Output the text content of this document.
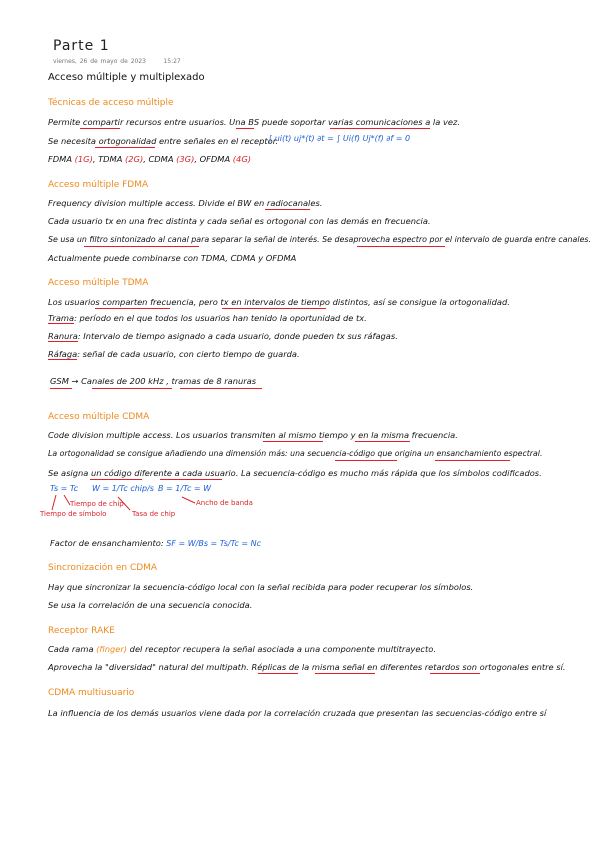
Parte 1
viernes, 26 de mayo de 2023	15:27
Acceso múltiple y multiplexado
Técnicas de acceso múltiple
Permite compartir recursos entre usuarios. Una BS puede soportar varias comunicaciones a la vez.
Se necesita ortogonalidad entre señales en el receptor.
∫ ui(t) uj*(t) ∂t = ∫ Ui(f) Uj*(f) ∂f = 0
FDMA (1G), TDMA (2G), CDMA (3G), OFDMA (4G)
Acceso múltiple FDMA
Frequency division multiple access. Divide el BW en radiocanales.
Cada usuario tx en una frec distinta y cada señal es ortogonal con las demás en frecuencia.
Se usa un filtro sintonizado al canal para separar la señal de interés. Se desaprovecha espectro por el intervalo de guarda entre canales.
Actualmente puede combinarse con TDMA, CDMA y OFDMA
Acceso múltiple TDMA
Los usuarios comparten frecuencia, pero tx en intervalos de tiempo distintos, así se consigue la ortogonalidad.
Trama: período en el que todos los usuarios han tenido la oportunidad de tx.
Ranura: Intervalo de tiempo asignado a cada usuario, donde pueden tx sus ráfagas.
Ráfaga: señal de cada usuario, con cierto tiempo de guarda.
GSM → Canales de 200 kHz , tramas de 8 ranuras
Acceso múltiple CDMA
Code division multiple access. Los usuarios transmiten al mismo tiempo y en la misma frecuencia.
La ortogonalidad se consigue añadiendo una dimensión más: una secuencia-código que origina un ensanchamiento espectral.
Se asigna un código diferente a cada usuario. La secuencia-código es mucho más rápida que los símbolos codificados.
Ts = Tc W = 1/Tc chip/s B = 1/Tc = W
Tiempo de chip
Tiempo de símbolo	Tasa de chip
Ancho de banda
Factor de ensanchamiento: SF = W/Bs = Ts/Tc = Nc
Sincronización en CDMA
Hay que sincronizar la secuencia-código local con la señal recibida para poder recuperar los símbolos.
Se usa la correlación de una secuencia conocida.
Receptor RAKE
Cada rama (finger) del receptor recupera la señal asociada a una componente multitrayecto.
Aprovecha la "diversidad" natural del multipath. Réplicas de la misma señal en diferentes retardos son ortogonales entre sí.
CDMA multiusuario
La influencia de los demás usuarios viene dada por la correlación cruzada que presentan las secuencias-código entre sí
